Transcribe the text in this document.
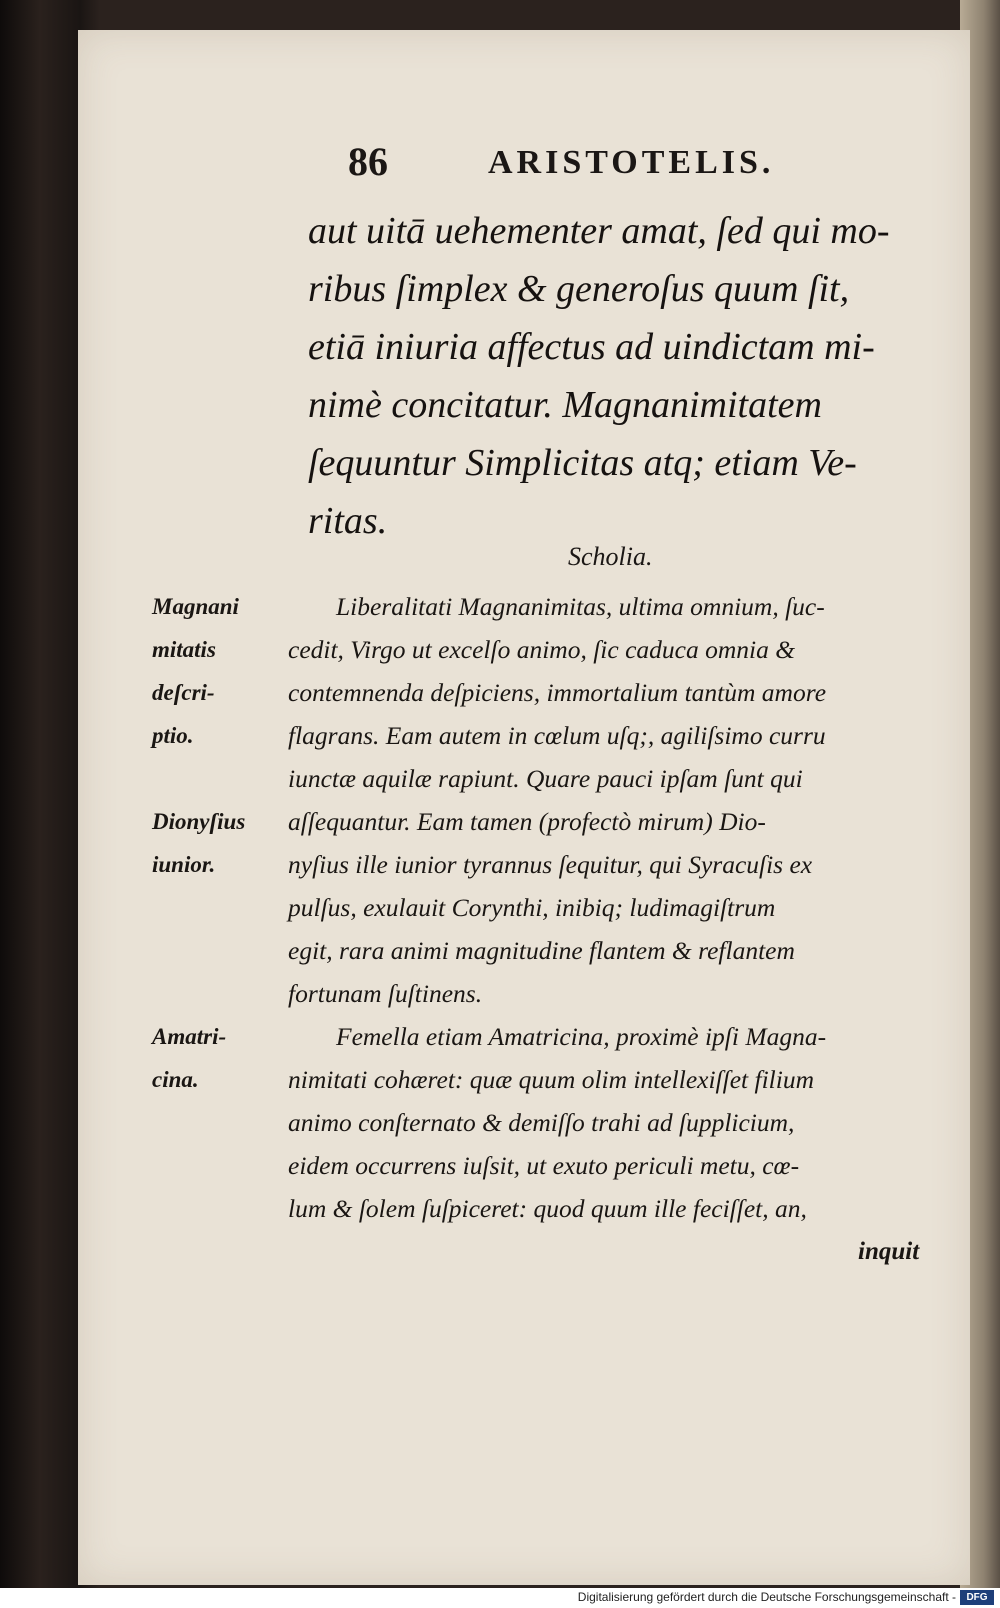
86	ARISTOTELIS.
aut uitā uehementer amat, ſed qui mo-
ribus ſimplex & generoſus quum ſit,
etiā iniuria affectus ad uindictam mi-
nimè concitatur. Magnanimitatem
ſequuntur Simplicitas atq; etiam Ve-
ritas.
Scholia.
Liberalitati Magnanimitas, ultima omnium, ſuc-
cedit, Virgo ut excelſo animo, ſic caduca omnia &
contemnenda deſpiciens, immortalium tantùm amore
flagrans. Eam autem in cœlum uſq;, agiliſsimo curru
iunctæ aquilæ rapiunt. Quare pauci ipſam ſunt qui
aſſequantur. Eam tamen (profectò mirum) Dio-
nyſius ille iunior tyrannus ſequitur, qui Syracuſis ex
pulſus, exulauit Corynthi, inibiq; ludimagiſtrum
egit, rara animi magnitudine flantem & reflantem
fortunam ſuſtinens.
Femella etiam Amatricina, proximè ipſi Magna-
nimitati cohæret: quæ quum olim intellexiſſet filium
animo conſternato & demiſſo trahi ad ſupplicium,
eidem occurrens iuſsit, ut exuto periculi metu, cœ-
lum & ſolem ſuſpiceret: quod quum ille feciſſet, an,
Magnani
mitatis
deſcri-
ptio.
Dionyſius
iunior.
Amatri-
cina.
inquit
Digitalisierung gefördert durch die Deutsche Forschungsgemeinschaft -	DFG
